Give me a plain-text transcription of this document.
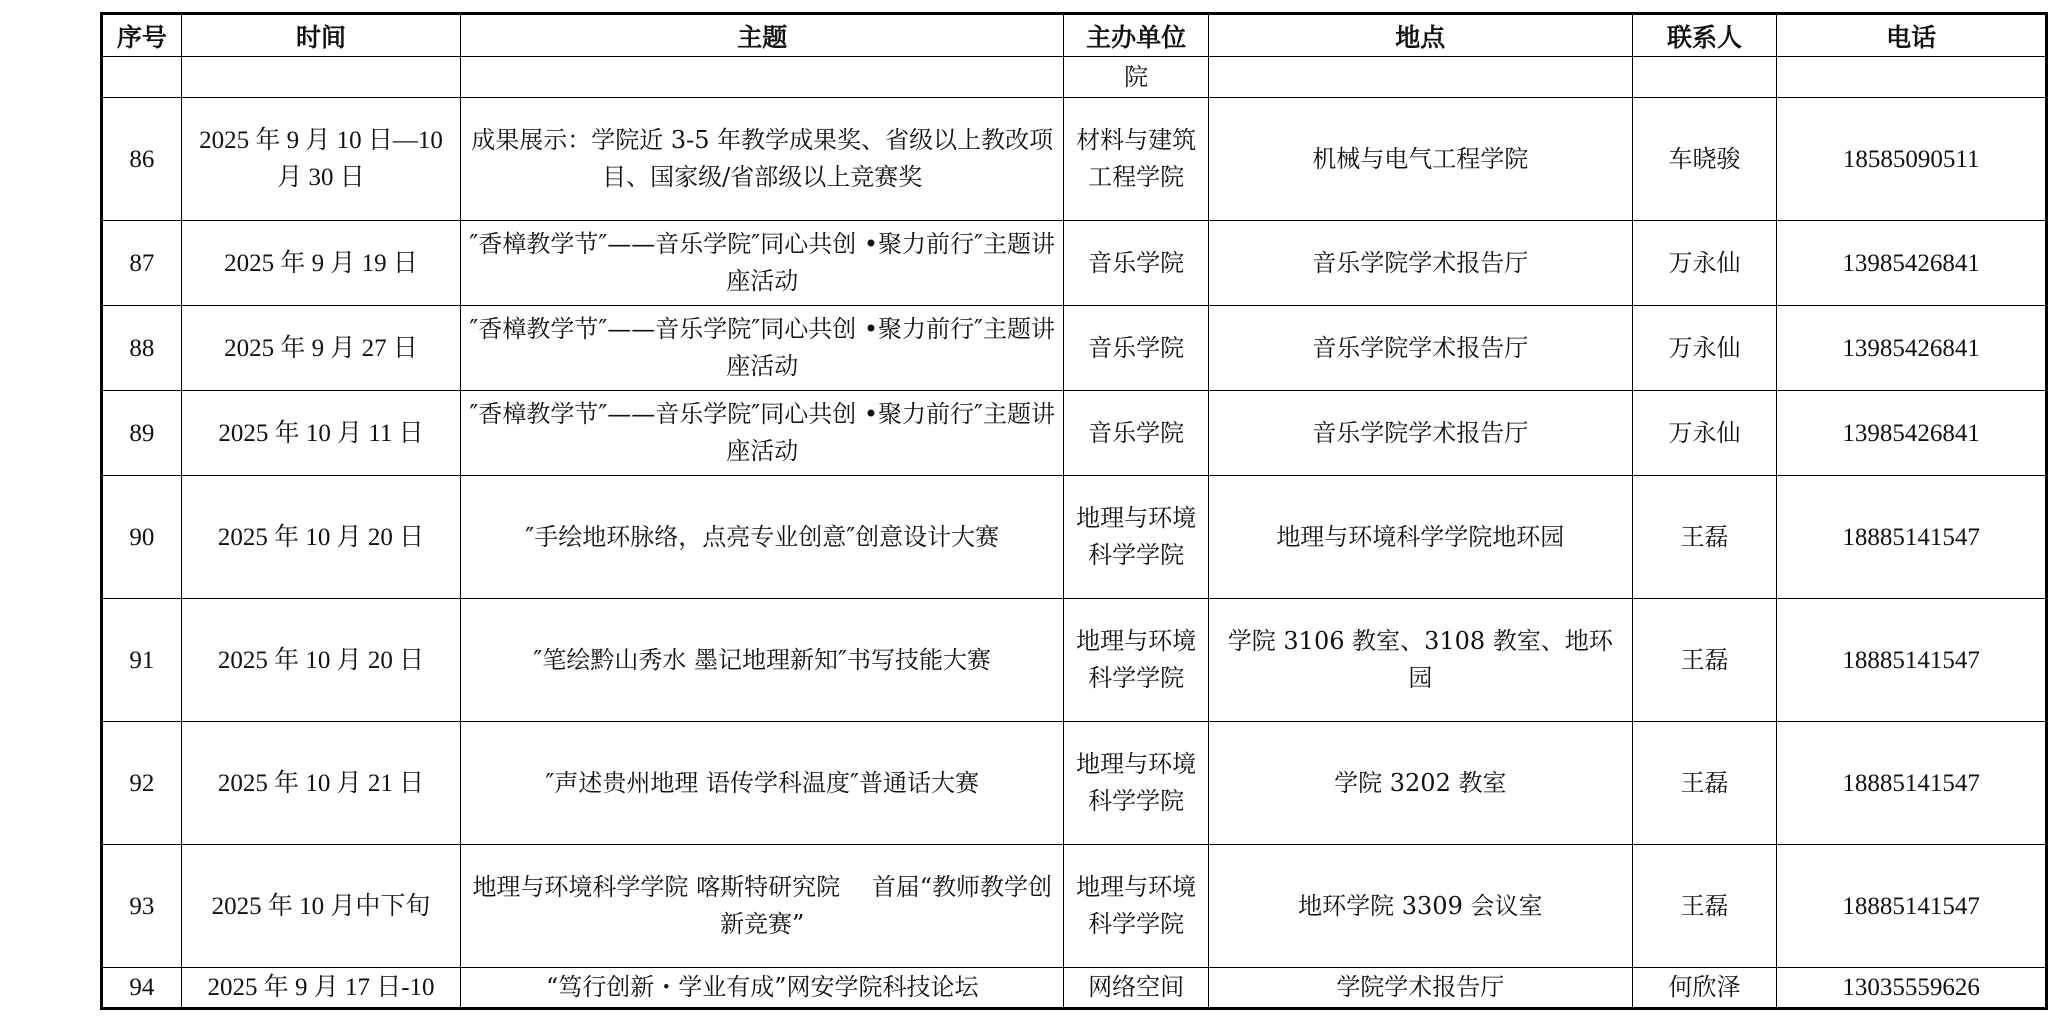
序号	时间	主题	主办单位	地点	联系人	电话
			院			
86	2025 年 9 月 10 日—10 月 30 日	成果展示：学院近 3-5 年教学成果奖、省级以上教改项目、国家级/省部级以上竞赛奖	材料与建筑工程学院	机械与电气工程学院	车晓骏	18585090511
87	2025 年 9 月 19 日	″香樟教学节″——音乐学院″同心共创 •聚力前行″主题讲座活动	音乐学院	音乐学院学术报告厅	万永仙	13985426841
88	2025 年 9 月 27 日	″香樟教学节″——音乐学院″同心共创 •聚力前行″主题讲座活动	音乐学院	音乐学院学术报告厅	万永仙	13985426841
89	2025 年 10 月 11 日	″香樟教学节″——音乐学院″同心共创 •聚力前行″主题讲座活动	音乐学院	音乐学院学术报告厅	万永仙	13985426841
90	2025 年 10 月 20 日	″手绘地环脉络，点亮专业创意″创意设计大赛	地理与环境科学学院	地理与环境科学学院地环园	王磊	18885141547
91	2025 年 10 月 20 日	″笔绘黔山秀水 墨记地理新知″书写技能大赛	地理与环境科学学院	学院 3106 教室、3108 教室、地环园	王磊	18885141547
92	2025 年 10 月 21 日	″声述贵州地理 语传学科温度″普通话大赛	地理与环境科学学院	学院 3202 教室	王磊	18885141547
93	2025 年 10 月中下旬	地理与环境科学学院 喀斯特研究院　 首届“教师教学创新竞赛”	地理与环境科学学院	地环学院 3309 会议室	王磊	18885141547
94	2025 年 9 月 17 日-10	“笃行创新・学业有成”网安学院科技论坛	网络空间	学院学术报告厅	何欣泽	13035559626
